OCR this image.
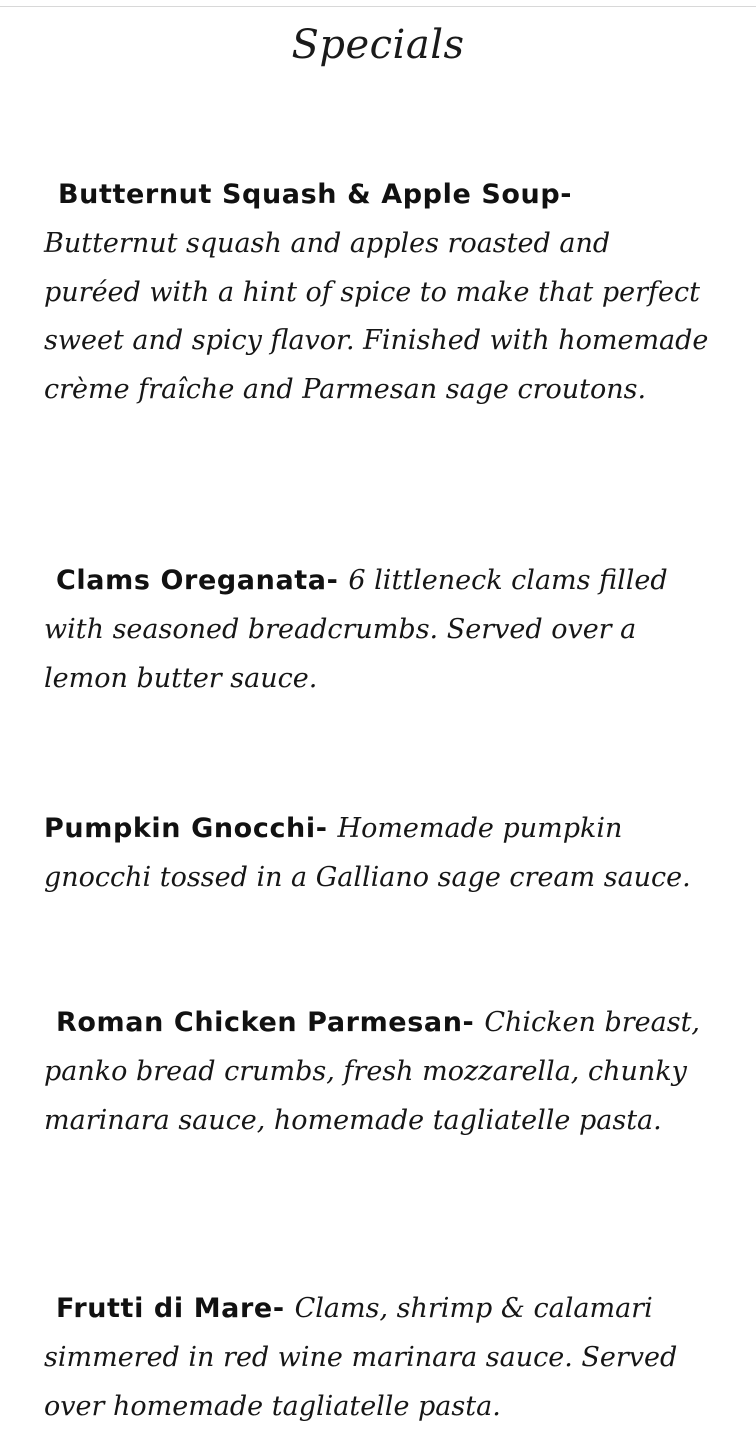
Specials
Butternut Squash & Apple Soup-
Butternut squash and apples roasted and puréed with a hint of spice to make that perfect sweet and spicy flavor. Finished with homemade crème fraîche and Parmesan sage croutons.
Clams Oreganata- 6 littleneck clams filled with seasoned breadcrumbs. Served over a lemon butter sauce.
Pumpkin Gnocchi- Homemade pumpkin gnocchi tossed in a Galliano sage cream sauce.
Roman Chicken Parmesan- Chicken breast, panko bread crumbs, fresh mozzarella, chunky marinara sauce, homemade tagliatelle pasta.
Frutti di Mare- Clams, shrimp & calamari simmered in red wine marinara sauce. Served over homemade tagliatelle pasta.
